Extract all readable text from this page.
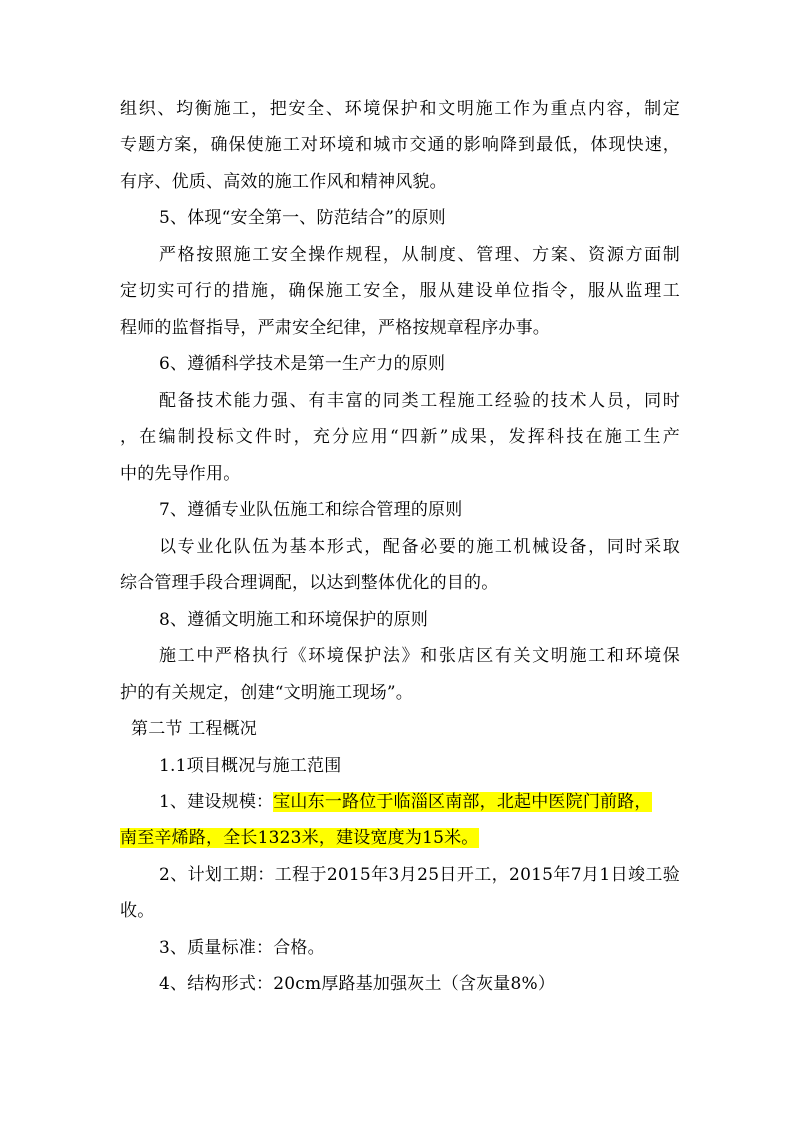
组织、均衡施工，把安全、环境保护和文明施工作为重点内容，制定
专题方案，确保使施工对环境和城市交通的影响降到最低，体现快速，
有序、优质、高效的施工作风和精神风貌。
5、体现“安全第一、防范结合”的原则
严格按照施工安全操作规程，从制度、管理、方案、资源方面制
定切实可行的措施，确保施工安全，服从建设单位指令，服从监理工
程师的监督指导，严肃安全纪律，严格按规章程序办事。
6、遵循科学技术是第一生产力的原则
配备技术能力强、有丰富的同类工程施工经验的技术人员，同时
，在编制投标文件时，充分应用“四新”成果，发挥科技在施工生产
中的先导作用。
7、遵循专业队伍施工和综合管理的原则
以专业化队伍为基本形式，配备必要的施工机械设备，同时采取
综合管理手段合理调配，以达到整体优化的目的。
8、遵循文明施工和环境保护的原则
施工中严格执行《环境保护法》和张店区有关文明施工和环境保
护的有关规定，创建“文明施工现场”。
第二节 工程概况
1.1项目概况与施工范围
1、建设规模：宝山东一路位于临淄区南部，北起中医院门前路，
南至辛烯路，全长1323米，建设宽度为15米。
2、计划工期：工程于2015年3月25日开工，2015年7月1日竣工验
收。
3、质量标准：合格。
4、结构形式：20cm厚路基加强灰土（含灰量8%）
